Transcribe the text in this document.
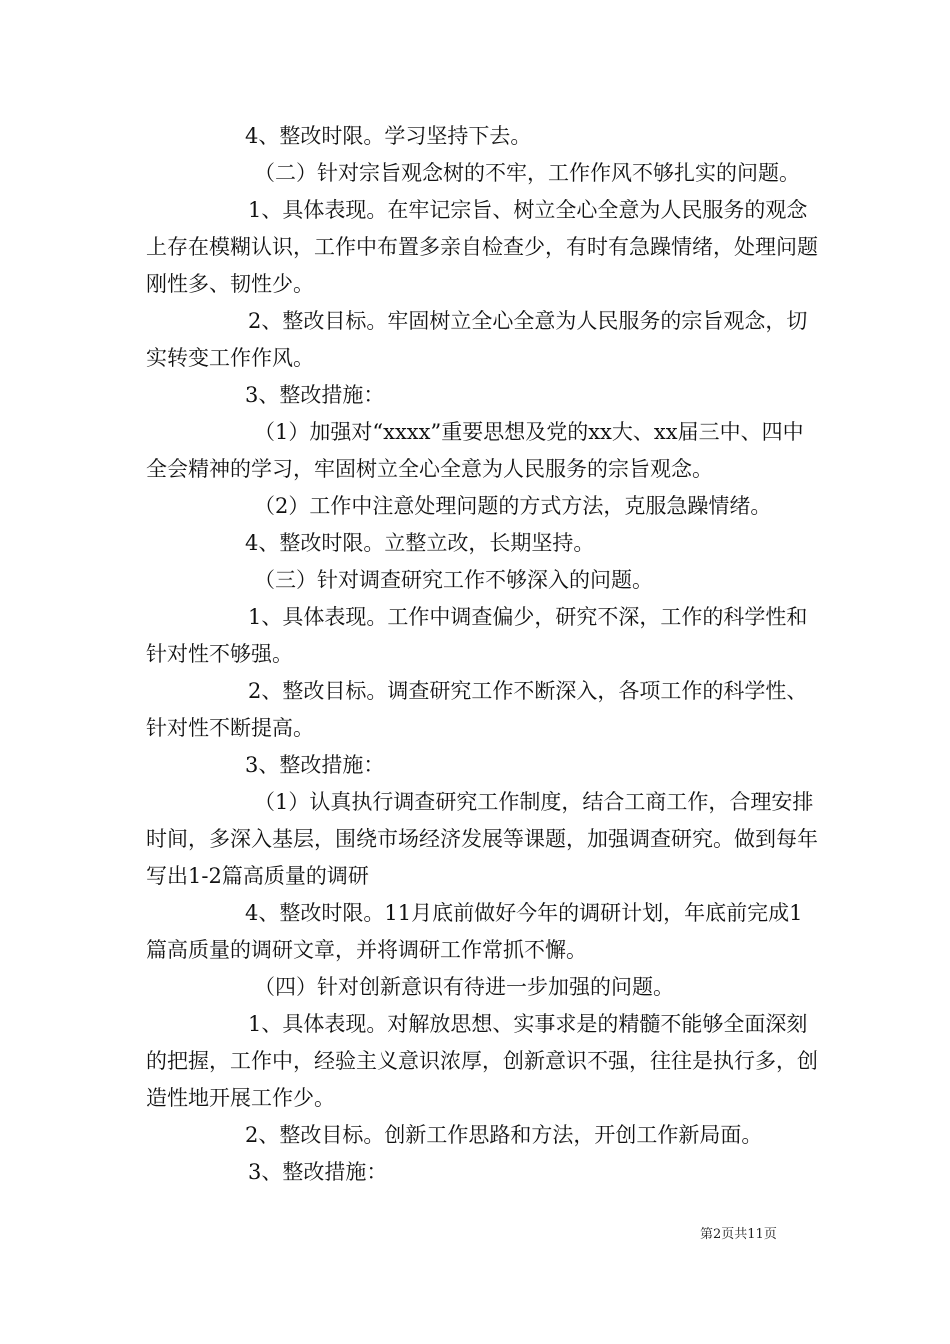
4、整改时限。学习坚持下去。

（二）针对宗旨观念树的不牢，工作作风不够扎实的问题。

1、具体表现。在牢记宗旨、树立全心全意为人民服务的观念上存在模糊认识，工作中布置多亲自检查少，有时有急躁情绪，处理问题刚性多、韧性少。

2、整改目标。牢固树立全心全意为人民服务的宗旨观念，切实转变工作作风。

3、整改措施：

（1）加强对“xxxx”重要思想及党的xx大、xx届三中、四中全会精神的学习，牢固树立全心全意为人民服务的宗旨观念。

（2）工作中注意处理问题的方式方法，克服急躁情绪。

4、整改时限。立整立改，长期坚持。

（三）针对调查研究工作不够深入的问题。

1、具体表现。工作中调查偏少，研究不深，工作的科学性和针对性不够强。

2、整改目标。调查研究工作不断深入，各项工作的科学性、针对性不断提高。

3、整改措施：

（1）认真执行调查研究工作制度，结合工商工作，合理安排时间，多深入基层，围绕市场经济发展等课题，加强调查研究。做到每年写出1-2篇高质量的调研

4、整改时限。11月底前做好今年的调研计划，年底前完成1篇高质量的调研文章，并将调研工作常抓不懈。

（四）针对创新意识有待进一步加强的问题。

1、具体表现。对解放思想、实事求是的精髓不能够全面深刻的把握，工作中，经验主义意识浓厚，创新意识不强，往往是执行多，创造性地开展工作少。

2、整改目标。创新工作思路和方法，开创工作新局面。

3、整改措施：

第2页共11页
